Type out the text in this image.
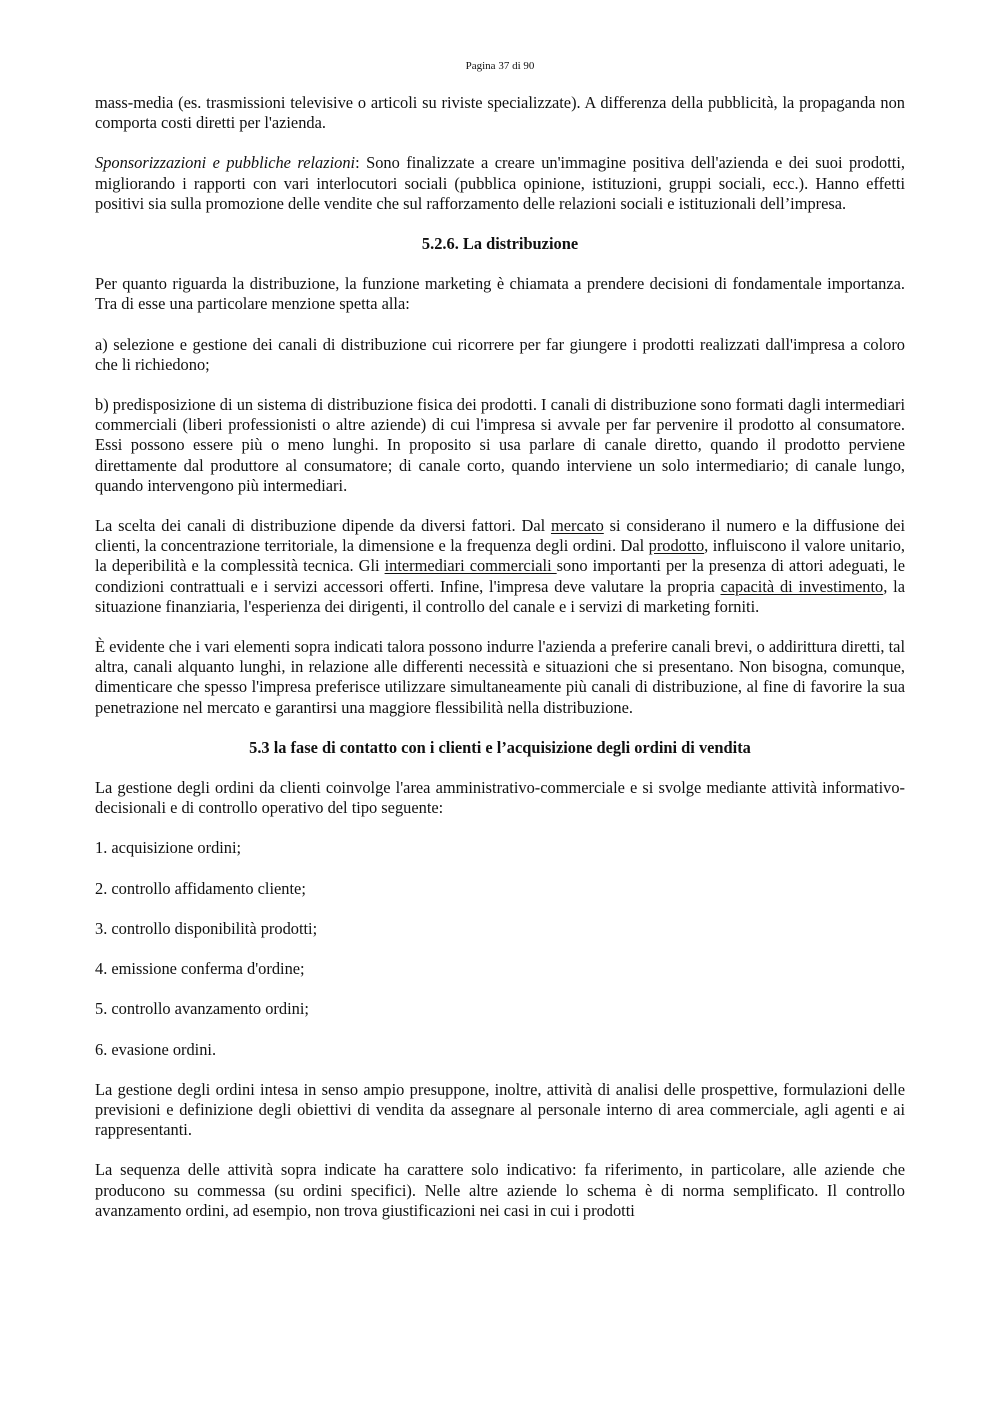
Pagina 37 di 90

mass-media (es. trasmissioni televisive o articoli su riviste specializzate). A differenza della pubblicità, la propaganda non comporta costi diretti per l'azienda.

Sponsorizzazioni e pubbliche relazioni: Sono finalizzate a creare un'immagine positiva dell'azienda e dei suoi prodotti, migliorando i rapporti con vari interlocutori sociali (pubblica opinione, istituzioni, gruppi sociali, ecc.). Hanno effetti positivi sia sulla promozione delle vendite che sul rafforzamento delle relazioni sociali e istituzionali dell’impresa.

5.2.6. La distribuzione

Per quanto riguarda la distribuzione, la funzione marketing è chiamata a prendere decisioni di fondamentale importanza. Tra di esse una particolare menzione spetta alla:

a) selezione e gestione dei canali di distribuzione cui ricorrere per far giungere i prodotti realizzati dall'impresa a coloro che li richiedono;

b) predisposizione di un sistema di distribuzione fisica dei prodotti. I canali di distribuzione sono formati dagli intermediari commerciali (liberi professionisti o altre aziende) di cui l'impresa si avvale per far pervenire il prodotto al consumatore. Essi possono essere più o meno lunghi. In proposito si usa parlare di canale diretto, quando il prodotto perviene direttamente dal produttore al consumatore; di canale corto, quando interviene un solo intermediario; di canale lungo, quando intervengono più intermediari.

La scelta dei canali di distribuzione dipende da diversi fattori. Dal mercato si considerano il numero e la diffusione dei clienti, la concentrazione territoriale, la dimensione e la frequenza degli ordini. Dal prodotto, influiscono il valore unitario, la deperibilità e la complessità tecnica. Gli intermediari commerciali sono importanti per la presenza di attori adeguati, le condizioni contrattuali e i servizi accessori offerti. Infine, l'impresa deve valutare la propria capacità di investimento, la situazione finanziaria, l'esperienza dei dirigenti, il controllo del canale e i servizi di marketing forniti.

È evidente che i vari elementi sopra indicati talora possono indurre l'azienda a preferire canali brevi, o addirittura diretti, tal altra, canali alquanto lunghi, in relazione alle differenti necessità e situazioni che si presentano. Non bisogna, comunque, dimenticare che spesso l'impresa preferisce utilizzare simultaneamente più canali di distribuzione, al fine di favorire la sua penetrazione nel mercato e garantirsi una maggiore flessibilità nella distribuzione.

5.3 la fase di contatto con i clienti e l’acquisizione degli ordini di vendita

La gestione degli ordini da clienti coinvolge l'area amministrativo-commerciale e si svolge mediante attività informativo-decisionali e di controllo operativo del tipo seguente:

1. acquisizione ordini;

2. controllo affidamento cliente;

3. controllo disponibilità prodotti;

4. emissione conferma d'ordine;

5. controllo avanzamento ordini;

6. evasione ordini.

La gestione degli ordini intesa in senso ampio presuppone, inoltre, attività di analisi delle prospettive, formulazioni delle previsioni e definizione degli obiettivi di vendita da assegnare al personale interno di area commerciale, agli agenti e ai rappresentanti.

La sequenza delle attività sopra indicate ha carattere solo indicativo: fa riferimento, in particolare, alle aziende che producono su commessa (su ordini specifici). Nelle altre aziende lo schema è di norma semplificato. Il controllo avanzamento ordini, ad esempio, non trova giustificazioni nei casi in cui i prodotti
